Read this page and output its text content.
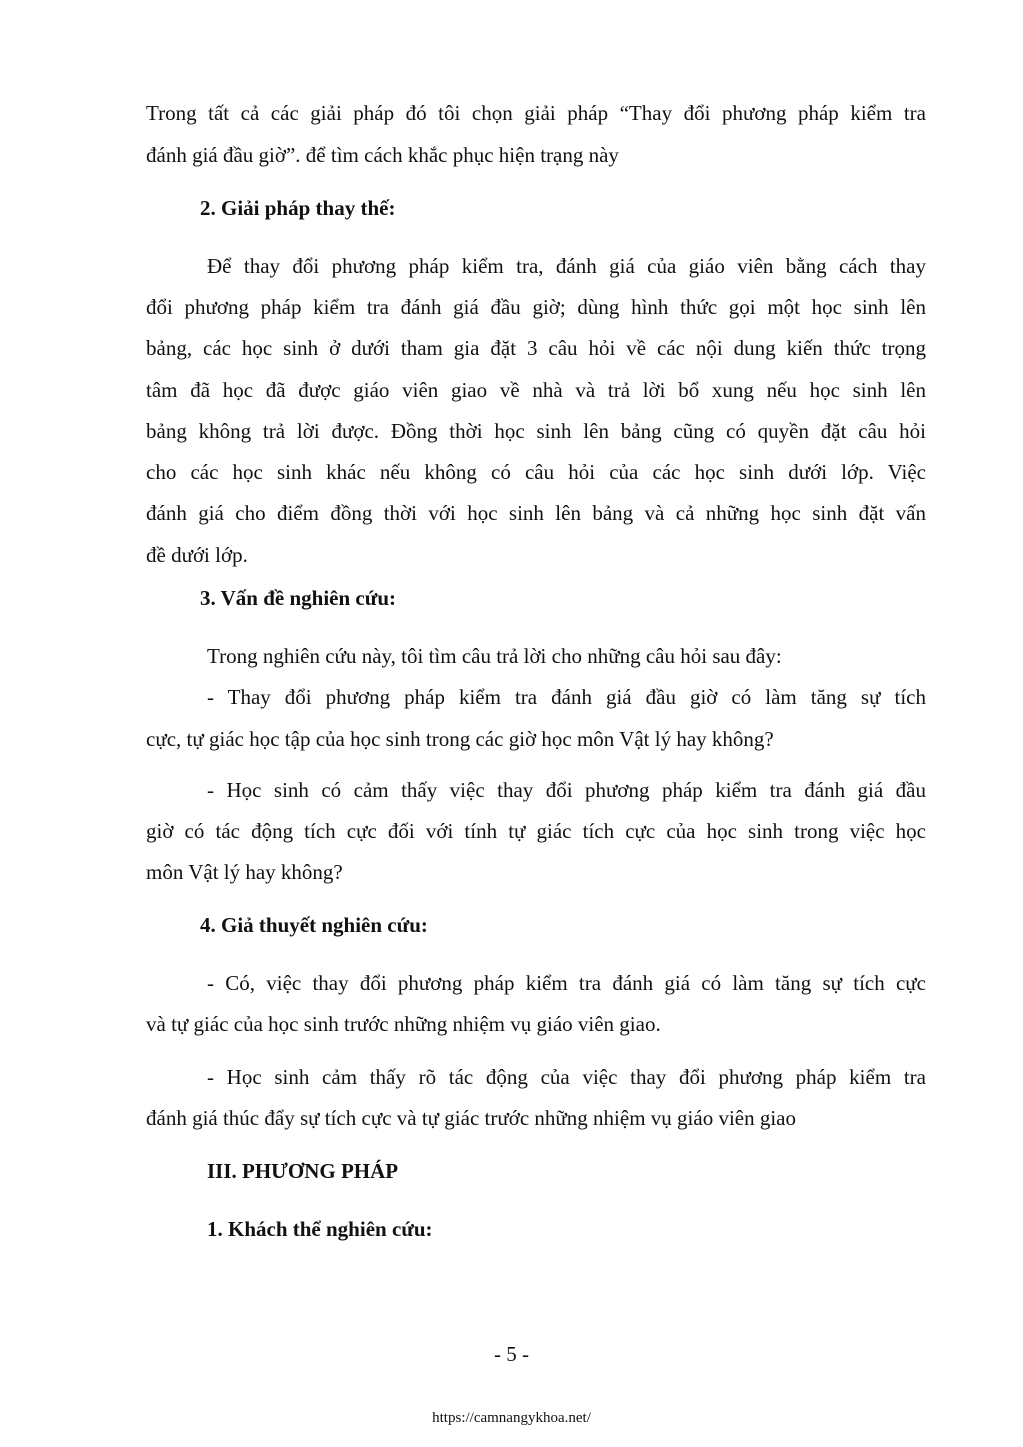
Trong tất cả các giải pháp đó tôi chọn giải pháp “Thay đổi phương pháp kiểm tra
đánh giá đầu giờ”. để tìm cách khắc phục hiện trạng này
2. Giải pháp thay thế:
Để thay đổi phương pháp kiểm tra, đánh giá của giáo viên bằng cách thay
đổi phương pháp kiểm tra đánh giá đầu giờ; dùng hình thức gọi một học sinh lên
bảng, các học sinh ở dưới tham gia đặt 3 câu hỏi về các nội dung kiến thức trọng
tâm đã học đã được giáo viên giao về nhà và trả lời bổ xung nếu học sinh lên
bảng không trả lời được. Đồng thời học sinh lên bảng cũng có quyền đặt câu hỏi
cho các học sinh khác nếu không có câu hỏi của các học sinh dưới lớp. Việc
đánh giá cho điểm đồng thời với học sinh lên bảng và cả những học sinh đặt vấn
đề dưới lớp.
3. Vấn đề nghiên cứu:
Trong nghiên cứu này, tôi tìm câu trả lời cho những câu hỏi sau đây:
- Thay đổi phương pháp kiểm tra đánh giá đầu giờ có làm tăng sự tích
cực, tự giác học tập của học sinh trong các giờ học môn Vật lý hay không?
- Học sinh có cảm thấy việc thay đổi phương pháp kiểm tra đánh giá đầu
giờ có tác động tích cực đối với tính tự giác tích cực của học sinh trong việc học
môn Vật lý hay không?
4. Giả thuyết nghiên cứu:
- Có, việc thay đổi phương pháp kiểm tra đánh giá có làm tăng sự tích cực
và tự giác của học sinh trước những nhiệm vụ giáo viên giao.
- Học sinh cảm thấy rõ tác động của việc thay đổi phương pháp kiểm tra
đánh giá thúc đẩy sự tích cực và tự giác trước những nhiệm vụ giáo viên giao
III. PHƯƠNG PHÁP
1. Khách thể nghiên cứu:
- 5 -
https://camnangykhoa.net/
